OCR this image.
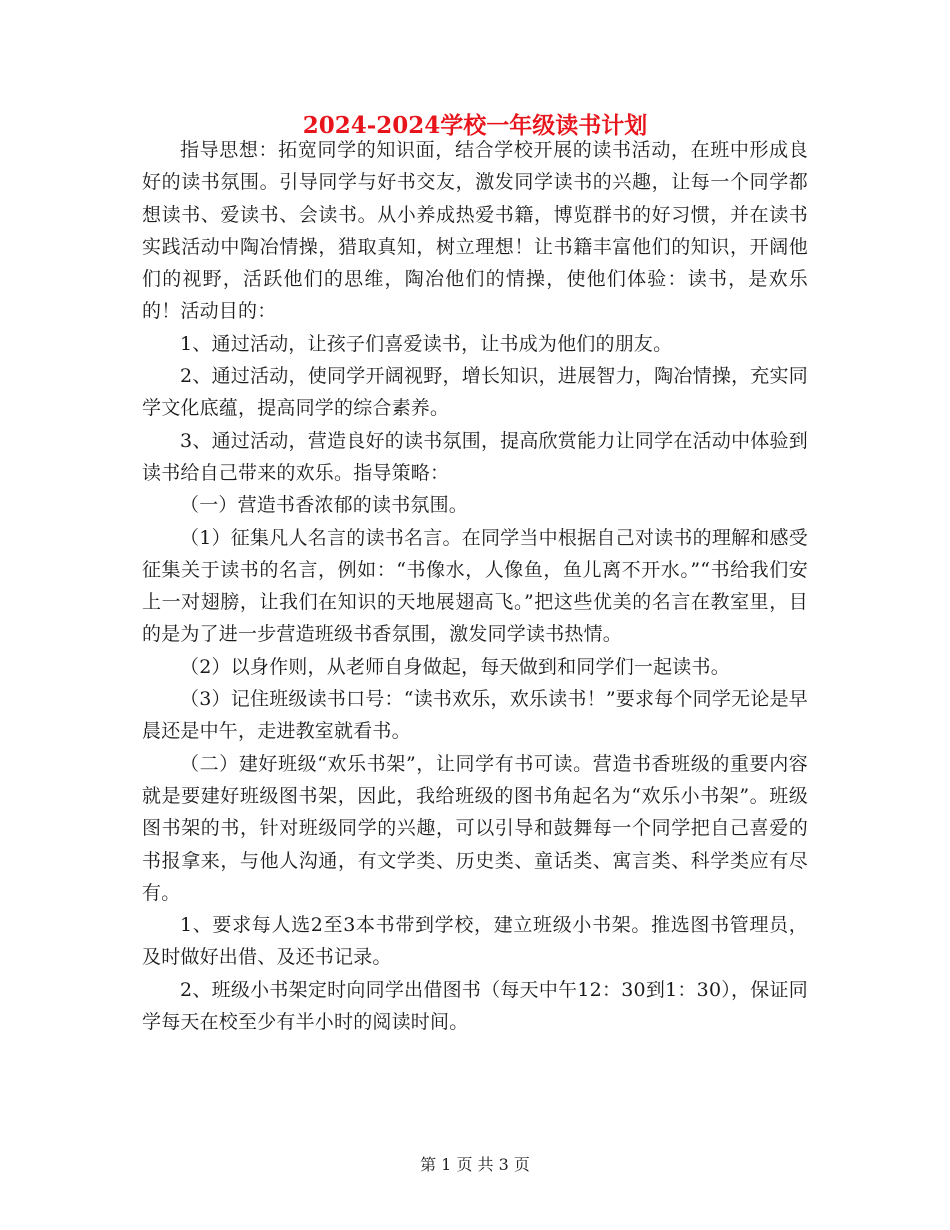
2024-2024学校一年级读书计划

指导思想：拓宽同学的知识面，结合学校开展的读书活动，在班中形成良好的读书氛围。引导同学与好书交友，激发同学读书的兴趣，让每一个同学都想读书、爱读书、会读书。从小养成热爱书籍，博览群书的好习惯，并在读书实践活动中陶冶情操，猎取真知，树立理想！让书籍丰富他们的知识，开阔他们的视野，活跃他们的思维，陶冶他们的情操，使他们体验：读书，是欢乐的！活动目的：

1、通过活动，让孩子们喜爱读书，让书成为他们的朋友。

2、通过活动，使同学开阔视野，增长知识，进展智力，陶冶情操，充实同学文化底蕴，提高同学的综合素养。

3、通过活动，营造良好的读书氛围，提高欣赏能力让同学在活动中体验到读书给自己带来的欢乐。指导策略：

（一）营造书香浓郁的读书氛围。

（1）征集凡人名言的读书名言。在同学当中根据自己对读书的理解和感受征集关于读书的名言，例如：“书像水，人像鱼，鱼儿离不开水。”“书给我们安上一对翅膀，让我们在知识的天地展翅高飞。”把这些优美的名言在教室里，目的是为了进一步营造班级书香氛围，激发同学读书热情。

（2）以身作则，从老师自身做起，每天做到和同学们一起读书。

（3）记住班级读书口号：“读书欢乐，欢乐读书！”要求每个同学无论是早晨还是中午，走进教室就看书。

（二）建好班级“欢乐书架”，让同学有书可读。营造书香班级的重要内容就是要建好班级图书架，因此，我给班级的图书角起名为“欢乐小书架”。班级图书架的书，针对班级同学的兴趣，可以引导和鼓舞每一个同学把自己喜爱的书报拿来，与他人沟通，有文学类、历史类、童话类、寓言类、科学类应有尽有。

1、要求每人选2至3本书带到学校，建立班级小书架。推选图书管理员，及时做好出借、及还书记录。

2、班级小书架定时向同学出借图书（每天中午12：30到1：30），保证同学每天在校至少有半小时的阅读时间。

第 1 页 共 3 页
